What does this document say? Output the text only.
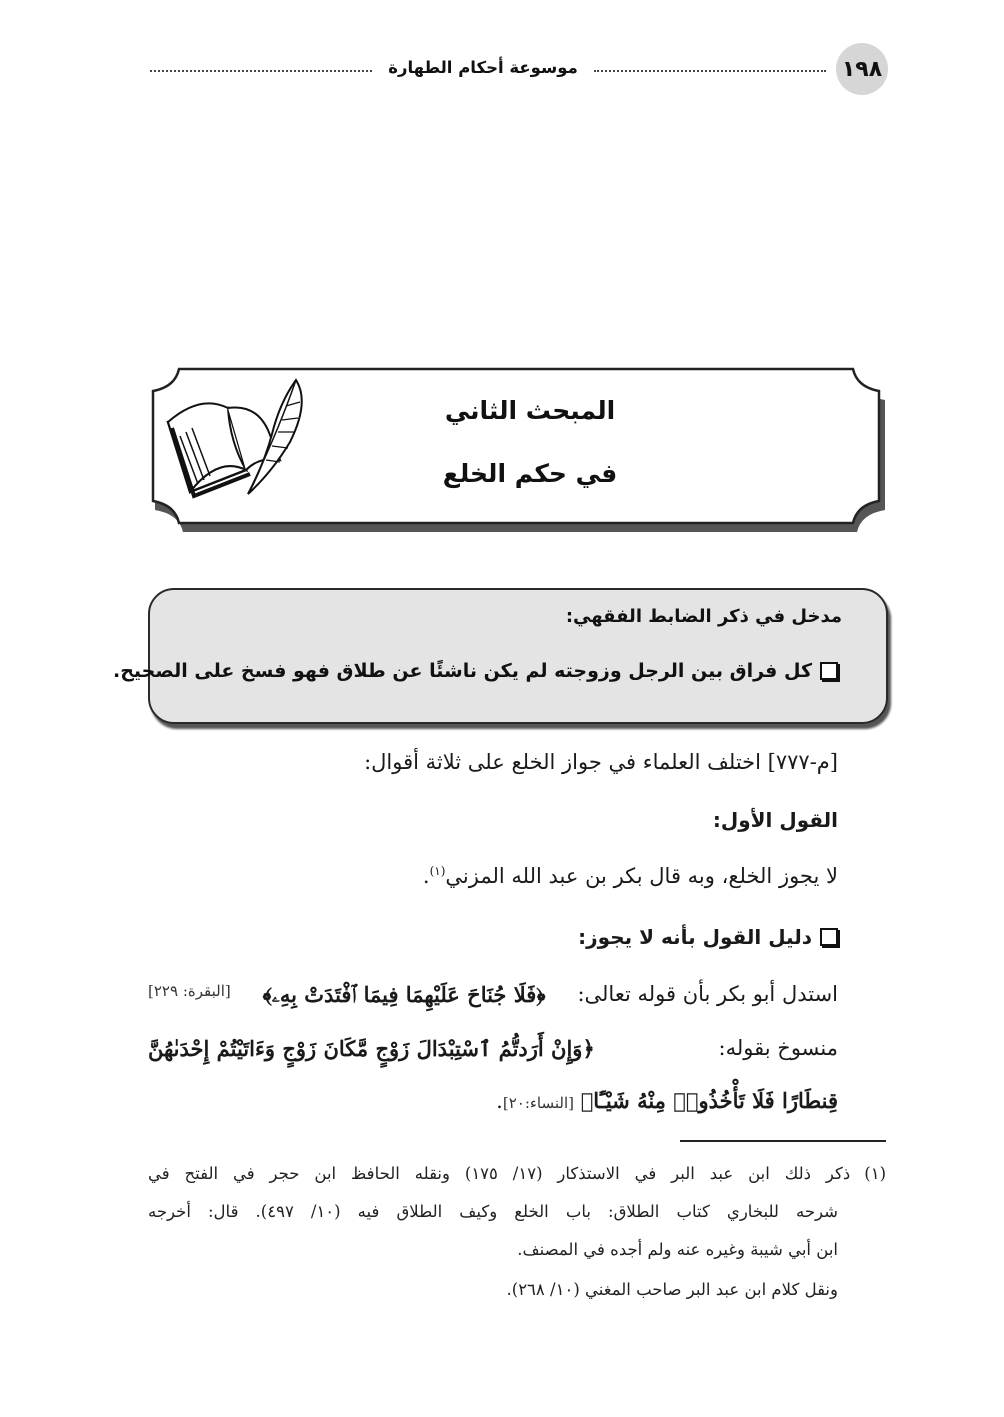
١٩٨
موسوعة أحكام الطهارة
المبحث الثاني
في حكم الخلع
مدخل في ذكر الضابط الفقهي:
كل فراق بين الرجل وزوجته لم يكن ناشئًا عن طلاق فهو فسخ على الصحيح.
[م-٧٧٧] اختلف العلماء في جواز الخلع على ثلاثة أقوال:
القول الأول:
لا يجوز الخلع، وبه قال بكر بن عبد الله المزني$^{(١)}$.
دليل القول بأنه لا يجوز:
استدل أبو بكر بأن قوله تعالى:
﴿فَلَا جُنَاحَ عَلَيْهِمَا فِيمَا ٱفْتَدَتْ بِهِۦ﴾
[البقرة: ٢٢٩]
منسوخ بقوله:
﴿وَإِنْ أَرَدتُّمُ ٱسْتِبْدَالَ زَوْجٍ مَّكَانَ زَوْجٍ وَءَاتَيْتُمْ إِحْدَىٰهُنَّ
قِنطَارًا فَلَا تَأْخُذُوا۟ مِنْهُ شَيْـًٔا﴾ [النساء:٢٠].
(١)
ذكر ذلك ابن عبد البر في الاستذكار (١٧/ ١٧٥) ونقله الحافظ ابن حجر في الفتح في
شرحه للبخاري كتاب الطلاق: باب الخلع وكيف الطلاق فيه (١٠/ ٤٩٧). قال: أخرجه
ابن أبي شيبة وغيره عنه ولم أجده في المصنف.
ونقل كلام ابن عبد البر صاحب المغني (١٠/ ٢٦٨).
